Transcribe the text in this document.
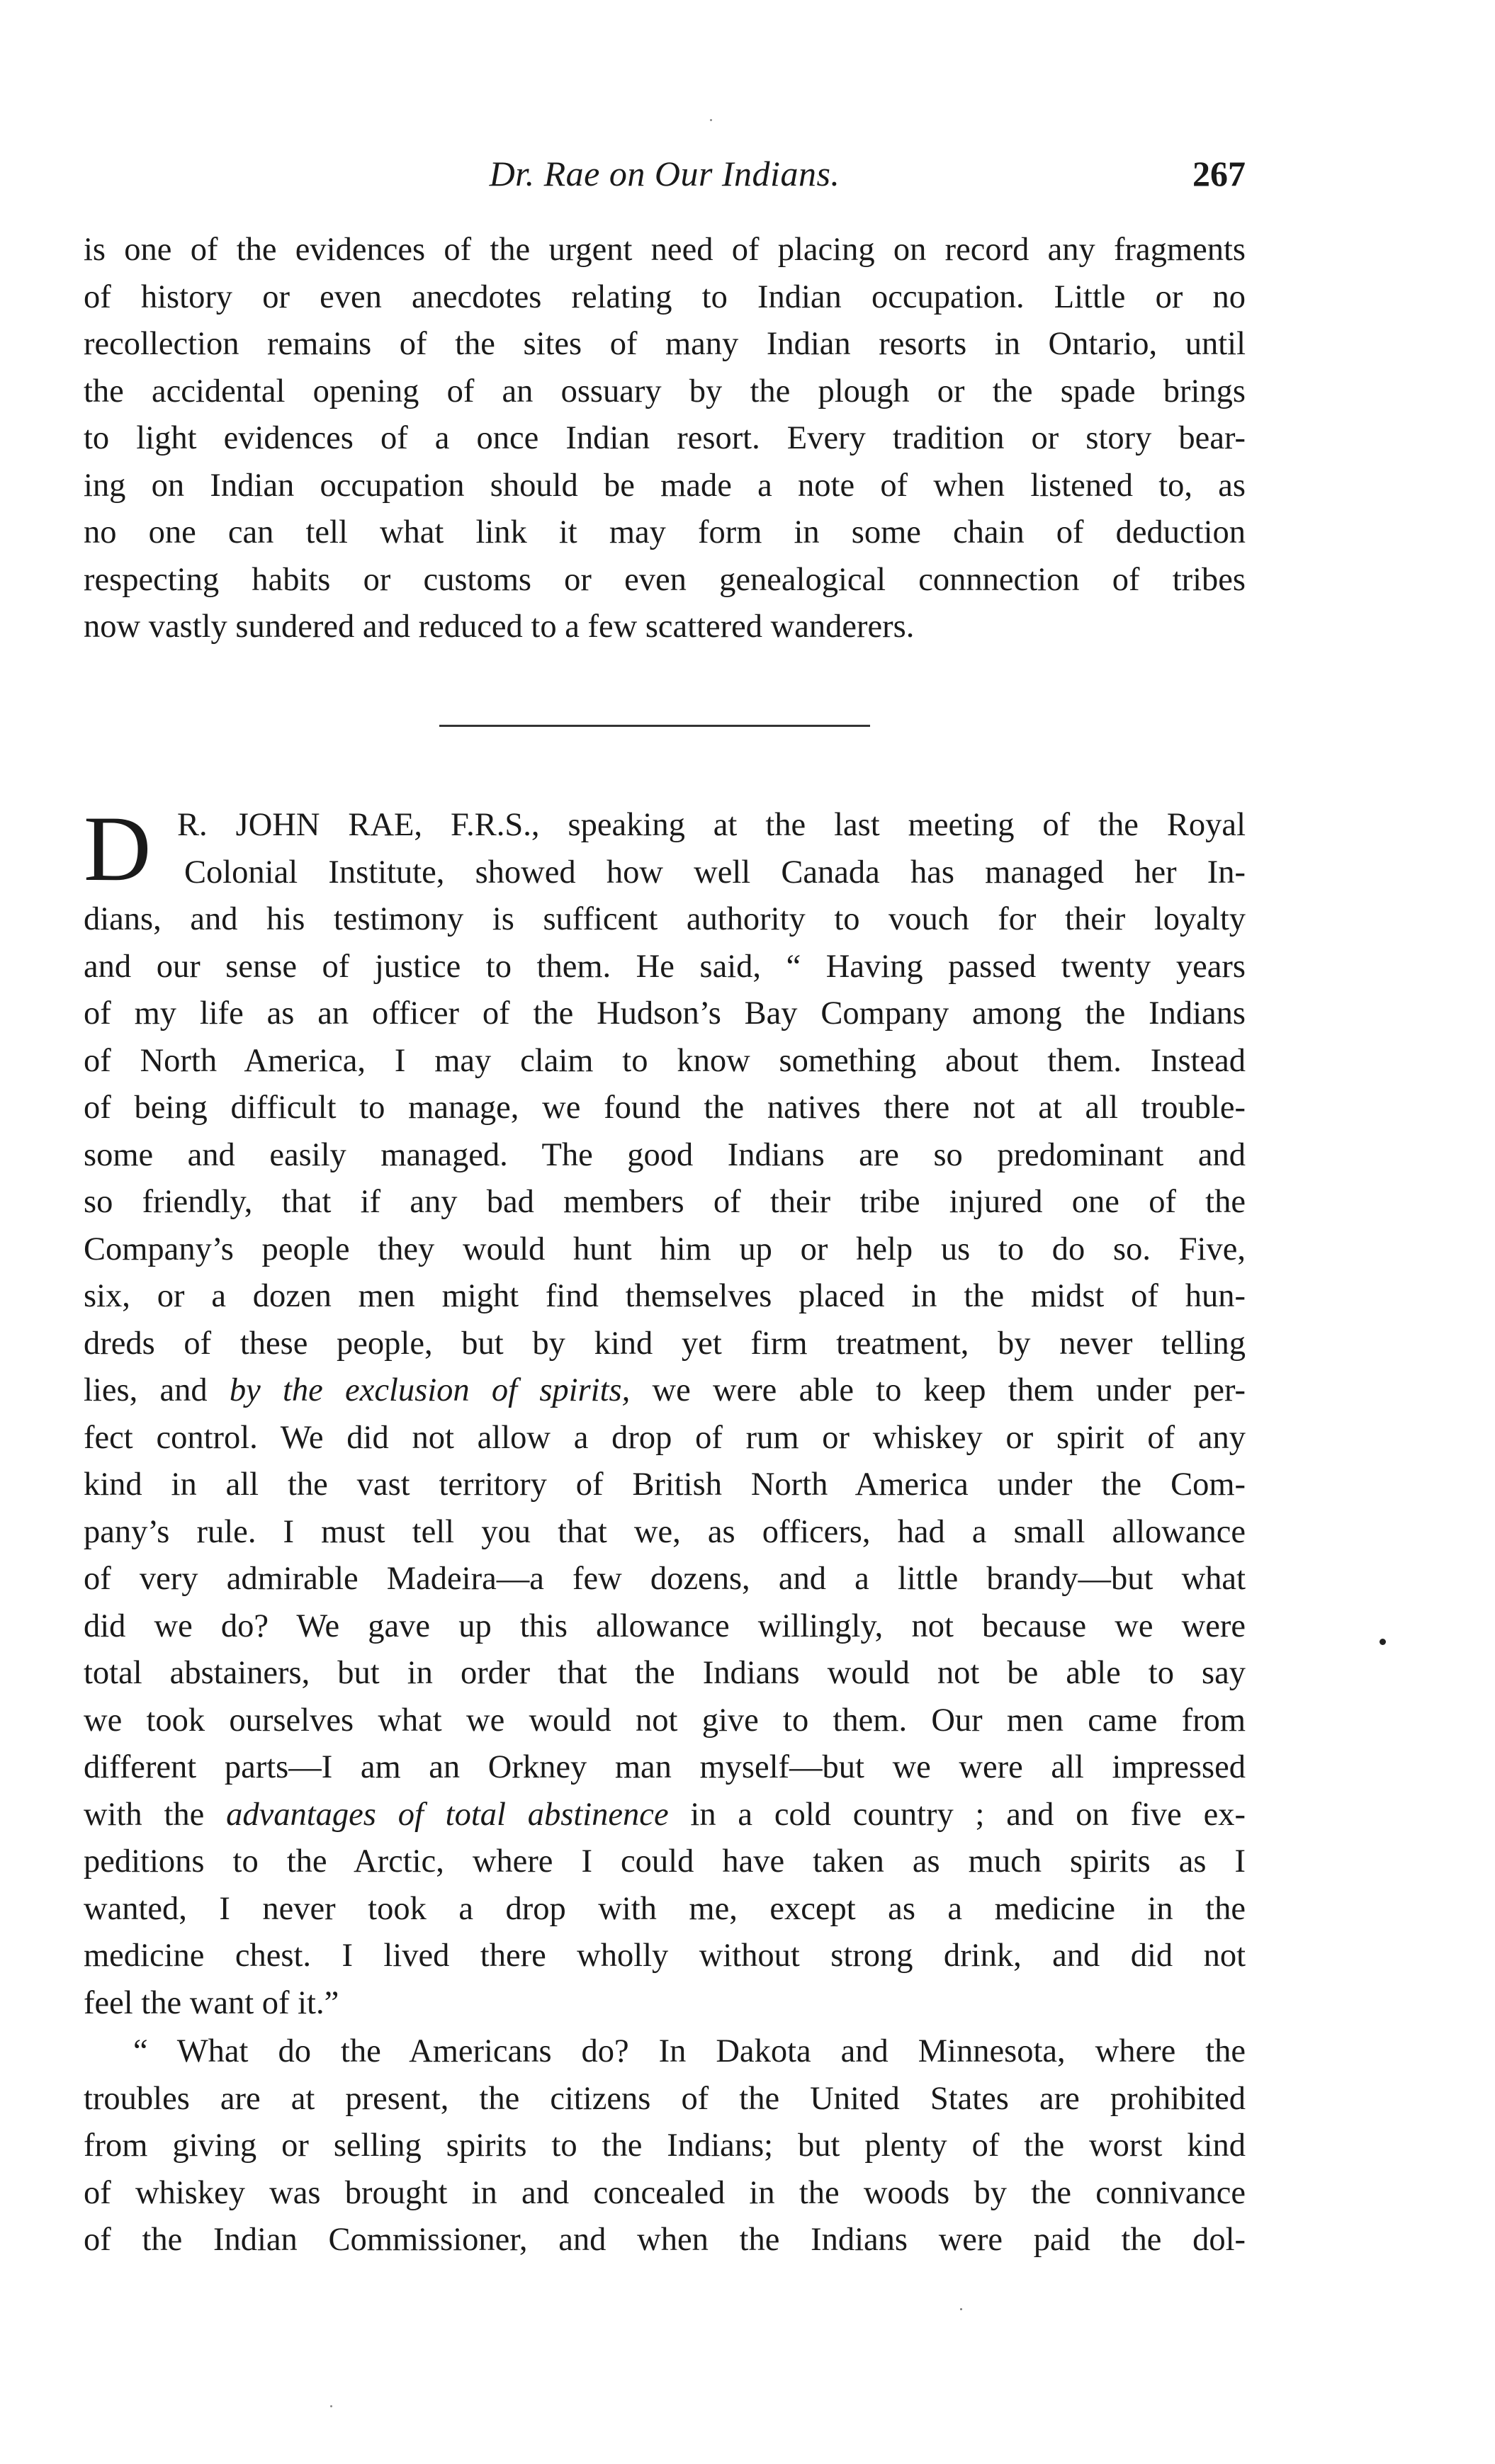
Dr. Rae on Our Indians.	267
is one of the evidences of the urgent need of placing on record any fragments
of history or even anecdotes relating to Indian occupation. Little or no
recollection remains of the sites of many Indian resorts in Ontario, until
the accidental opening of an ossuary by the plough or the spade brings
to light evidences of a once Indian resort. Every tradition or story bear-
ing on Indian occupation should be made a note of when listened to, as
no one can tell what link it may form in some chain of deduction
respecting habits or customs or even genealogical connnection of tribes
now vastly sundered and reduced to a few scattered wanderers.
D R. JOHN RAE, F.R.S., speaking at the last meeting of the Royal
Colonial Institute, showed how well Canada has managed her In-
dians, and his testimony is sufficent authority to vouch for their loyalty
and our sense of justice to them. He said, “ Having passed twenty years
of my life as an officer of the Hudson’s Bay Company among the Indians
of North America, I may claim to know something about them. Instead
of being difficult to manage, we found the natives there not at all trouble-
some and easily managed. The good Indians are so predominant and
so friendly, that if any bad members of their tribe injured one of the
Company’s people they would hunt him up or help us to do so. Five,
six, or a dozen men might find themselves placed in the midst of hun-
dreds of these people, but by kind yet firm treatment, by never telling
lies, and by the exclusion of spirits, we were able to keep them under per-
fect control. We did not allow a drop of rum or whiskey or spirit of any
kind in all the vast territory of British North America under the Com-
pany’s rule. I must tell you that we, as officers, had a small allowance
of very admirable Madeira—a few dozens, and a little brandy—but what
did we do? We gave up this allowance willingly, not because we were
total abstainers, but in order that the Indians would not be able to say
we took ourselves what we would not give to them. Our men came from
different parts—I am an Orkney man myself—but we were all impressed
with the advantages of total abstinence in a cold country ; and on five ex-
peditions to the Arctic, where I could have taken as much spirits as I
wanted, I never took a drop with me, except as a medicine in the
medicine chest. I lived there wholly without strong drink, and did not
feel the want of it.”
“ What do the Americans do? In Dakota and Minnesota, where the
troubles are at present, the citizens of the United States are prohibited
from giving or selling spirits to the Indians; but plenty of the worst kind
of whiskey was brought in and concealed in the woods by the connivance
of the Indian Commissioner, and when the Indians were paid the dol-
